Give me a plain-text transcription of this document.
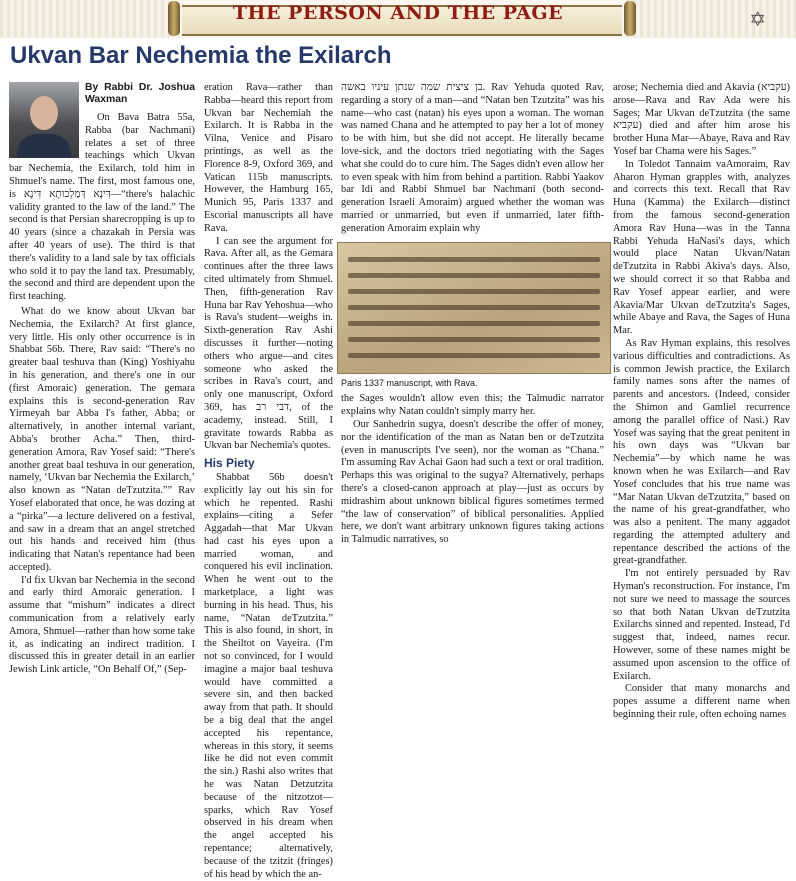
✡
THE PERSON AND THE PAGE
Ukvan Bar Nechemia the Exilarch
By Rabbi Dr. Joshua Waxman

On Bava Batra 55a, Rabba (bar Nachmani) relates a set of three teachings which Ukvan bar Nechemia, the Exilarch, told him in Shmuel's name. The first, most famous one, is דִּינָא דְּמַלְכוּתָא דִּינָא—“there's halachic validity granted to the law of the land.” The second is that Persian sharecropping is up to 40 years (since a chazakah in Persia was after 40 years of use). The third is that there's validity to a land sale by tax officials who sold it to pay the land tax. Presumably, the second and third are dependent upon the first teaching.

What do we know about Ukvan bar Nechemia, the Exilarch? At first glance, very little. His only other occurrence is in Shabbat 56b. There, Rav said: “There's no greater baal teshuva than (King) Yoshiyahu in his generation, and there's one in our (first Amoraic) generation. The gemara explains this is second-generation Rav Yirmeyah bar Abba I's father, Abba; or alternatively, in another internal variant, Abba's brother Acha.” Then, third-generation Amora, Rav Yosef said: “There's another great baal teshuva in our generation, namely, ‘Ukvan bar Nechemia the Exilarch,’ also known as “Natan deTzutzita.”” Rav Yosef elaborated that once, he was dozing at a “pirka”—a lecture delivered on a festival, and saw in a dream that an angel stretched out his hands and received him (thus indicating that Natan's repentance had been accepted).

I'd fix Ukvan bar Nechemia in the second and early third Amoraic generation. I assume that “mishum” indicates a direct communication from a relatively early Amora, Shmuel—rather than how some take it, as indicating an indirect tradition. I discussed this in greater detail in an earlier Jewish Link article, “On Behalf Of,” (Sep-

eration Rava—rather than Rabba—heard this report from Ukvan bar Nechemiah the Exilarch. It is Rabba in the Vilna, Venice and Pisaro printings, as well as the Florence 8-9, Oxford 369, and Vatican 115b manuscripts. However, the Hamburg 165, Munich 95, Paris 1337 and Escorial manuscripts all have Rava.

I can see the argument for Rava. After all, as the Gemara continues after the three laws cited ultimately from Shmuel. Then, fifth-generation Rav Huna bar Rav Yehoshua—who is Rava's student—weighs in. Sixth-generation Rav Ashi discusses it further—noting others who argue—and cites someone who asked the scribes in Rava's court, and only one manuscript, Oxford 369, has דבי רב, of the academy, instead. Still, I gravitate towards Rabba as Ukvan bar Nechemia's quotes.

His Piety

Shabbat 56b doesn't explicitly lay out his sin for which he repented. Rashi explains—citing a Sefer Aggadah—that Mar Ukvan had cast his eyes upon a married woman, and conquered his evil inclination. When he went out to the marketplace, a light was burning in his head. Thus, his name, “Natan deTzutzita.” This is also found, in short, in the Sheiltot on Vayeira. (I'm not so convinced, for I would imagine a major baal teshuva would have committed a severe sin, and then backed away from that path. It should be a big deal that the angel accepted his repentance, whereas in this story, it seems like he did not even commit the sin.) Rashi also writes that he was Natan Detzutzita because of the nitzotzot—sparks, which Rav Yosef observed in his dream when the angel accepted his repentance; alternatively, because of the tzitzit (fringes) of his head by which the an-

בן ציצית שמה שנתן עיניו באשה. Rav Yehuda quoted Rav, regarding a story of a man—and “Natan ben Tzutzita” was his name—who cast (natan) his eyes upon a woman. The woman was named Chana and he attempted to pay her a lot of money to be with him, but she did not accept. He literally became love-sick, and the doctors tried negotiating with the Sages what she could do to cure him. The Sages didn't even allow her to even speak with him from behind a partition. Rabbi Yaakov bar Idi and Rabbi Shmuel bar Nachmani (both second-generation Israeli Amoraim) argued whether the woman was married or unmarried, but even if unmarried, later fifth-generation Amoraim explain why

Paris 1337 manuscript, with Rava.

the Sages wouldn't allow even this; the Talmudic narrator explains why Natan couldn't simply marry her.

Our Sanhedrin sugya, doesn't describe the offer of money, nor the identification of the man as Natan ben or deTzutzita (even in manuscripts I've seen), nor the woman as “Chana.” I'm assuming Rav Achai Gaon had such a text or oral tradition. Perhaps this was original to the sugya? Alternatively, perhaps there's a closed-canon approach at play—just as occurs by midrashim about unknown biblical figures sometimes termed “the law of conservation” of biblical personalities. Applied here, we don't want arbitrary unknown figures taking actions in Talmudic narratives, so

arose; Nechemia died and Akavia (עקביא) arose—Rava and Rav Ada were his Sages; Mar Ukvan deTzutzita (the same עקביא) died and after him arose his brother Huna Mar—Abaye, Rava and Rav Yosef bar Chama were his Sages.”

In Toledot Tannaim vaAmoraim, Rav Aharon Hyman grapples with, analyzes and corrects this text. Recall that Rav Huna (Kamma) the Exilarch—distinct from the famous second-generation Amora Rav Huna—was in the Tanna Rabbi Yehuda HaNasi's days, which would place Natan Ukvan/Natan deTzutzita in Rabbi Akiva's days. Also, we should correct it so that Rabba and Rav Yosef appear earlier, and were Akavia/Mar Ukvan deTzutzita's Sages, while Abaye and Rava, the Sages of Huna Mar.

As Rav Hyman explains, this resolves various difficulties and contradictions. As is common Jewish practice, the Exilarch family names sons after the names of parents and ancestors. (Indeed, consider the Shimon and Gamliel recurrence among the parallel office of Nasi.) Rav Yosef was saying that the great penitent in his own days was “Ukvan bar Nechemia”—by which name he was known when he was Exilarch—and Rav Yosef concludes that his true name was “Mar Natan Ukvan deTzutzita,” based on the name of his great-grandfather, who was also a penitent. The many aggadot regarding the attempted adultery and repentance described the actions of the great-grandfather.

I'm not entirely persuaded by Rav Hyman's reconstruction. For instance, I'm not sure we need to massage the sources so that both Natan Ukvan deTzutzita Exilarchs sinned and repented. Instead, I'd suggest that, indeed, names recur. However, some of these names might be assumed upon ascension to the office of Exilarch.

Consider that many monarchs and popes assume a different name when beginning their rule, often echoing names
